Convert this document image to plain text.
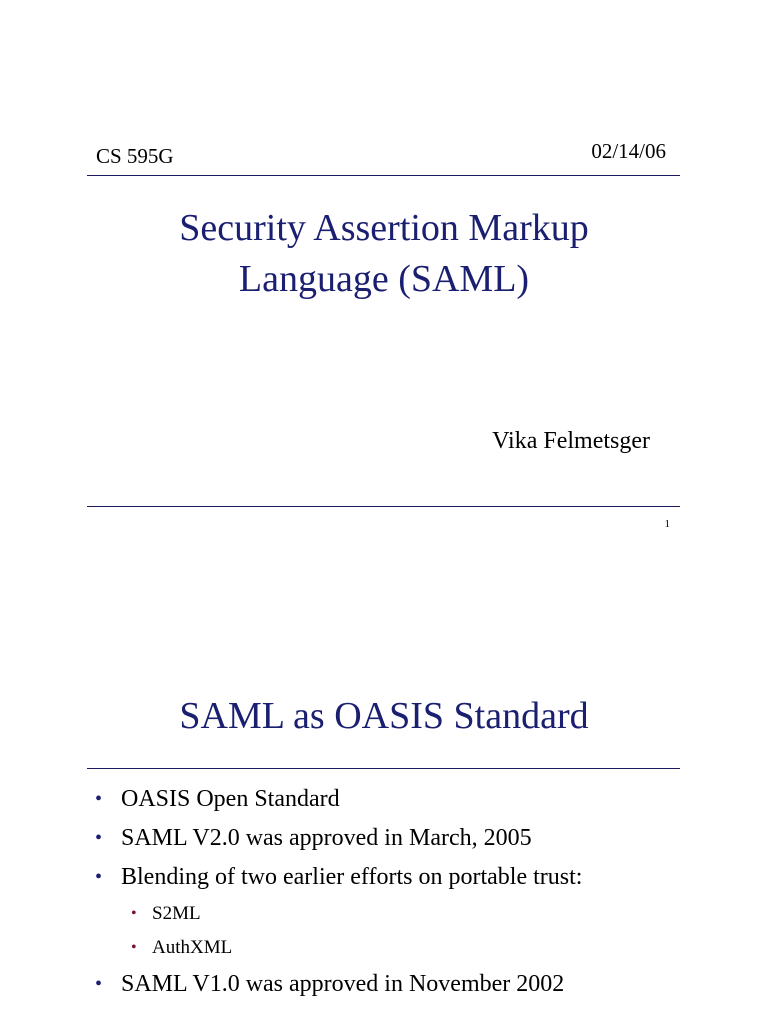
CS 595G	02/14/06
Security Assertion Markup
Language (SAML)
Vika Felmetsger
1
SAML as OASIS Standard
• OASIS Open Standard
• SAML V2.0 was approved in March, 2005
• Blending of two earlier efforts on portable trust:
• S2ML
• AuthXML
• SAML V1.0 was approved in November 2002
